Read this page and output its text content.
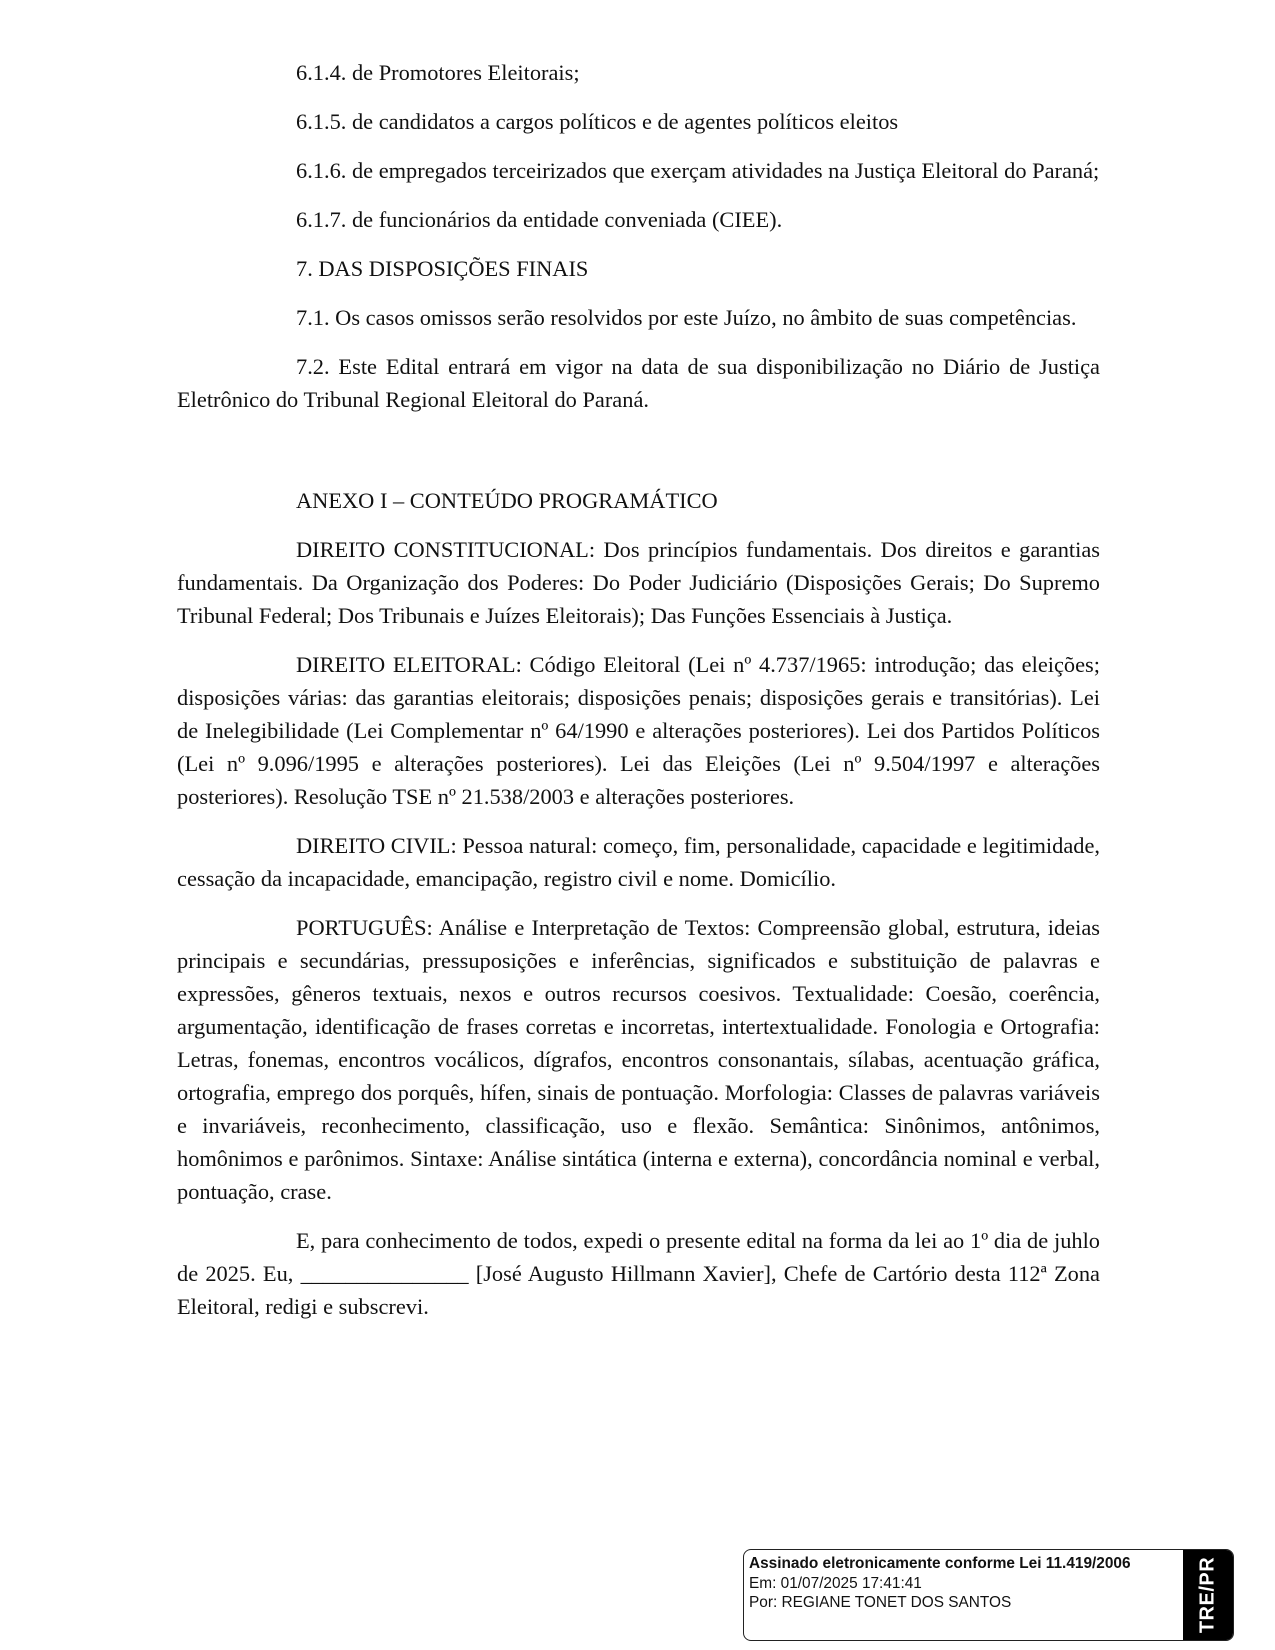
6.1.4. de Promotores Eleitorais;

6.1.5. de candidatos a cargos políticos e de agentes políticos eleitos

6.1.6. de empregados terceirizados que exerçam atividades na Justiça Eleitoral do Paraná;

6.1.7. de funcionários da entidade conveniada (CIEE).

7. DAS DISPOSIÇÕES FINAIS

7.1. Os casos omissos serão resolvidos por este Juízo, no âmbito de suas competências.

7.2. Este Edital entrará em vigor na data de sua disponibilização no Diário de Justiça Eletrônico do Tribunal Regional Eleitoral do Paraná.

ANEXO I – CONTEÚDO PROGRAMÁTICO

DIREITO CONSTITUCIONAL: Dos princípios fundamentais. Dos direitos e garantias fundamentais. Da Organização dos Poderes: Do Poder Judiciário (Disposições Gerais; Do Supremo Tribunal Federal; Dos Tribunais e Juízes Eleitorais); Das Funções Essenciais à Justiça.

DIREITO ELEITORAL: Código Eleitoral (Lei nº 4.737/1965: introdução; das eleições; disposições várias: das garantias eleitorais; disposições penais; disposições gerais e transitórias). Lei de Inelegibilidade (Lei Complementar nº 64/1990 e alterações posteriores). Lei dos Partidos Políticos (Lei nº 9.096/1995 e alterações posteriores). Lei das Eleições (Lei nº 9.504/1997 e alterações posteriores). Resolução TSE nº 21.538/2003 e alterações posteriores.

DIREITO CIVIL: Pessoa natural: começo, fim, personalidade, capacidade e legitimidade, cessação da incapacidade, emancipação, registro civil e nome. Domicílio.

PORTUGUÊS: Análise e Interpretação de Textos: Compreensão global, estrutura, ideias principais e secundárias, pressuposições e inferências, significados e substituição de palavras e expressões, gêneros textuais, nexos e outros recursos coesivos. Textualidade: Coesão, coerência, argumentação, identificação de frases corretas e incorretas, intertextualidade. Fonologia e Ortografia: Letras, fonemas, encontros vocálicos, dígrafos, encontros consonantais, sílabas, acentuação gráfica, ortografia, emprego dos porquês, hífen, sinais de pontuação. Morfologia: Classes de palavras variáveis e invariáveis, reconhecimento, classificação, uso e flexão. Semântica: Sinônimos, antônimos, homônimos e parônimos. Sintaxe: Análise sintática (interna e externa), concordância nominal e verbal, pontuação, crase.

E, para conhecimento de todos, expedi o presente edital na forma da lei ao 1º dia de juhlo de 2025. Eu, _______________ [José Augusto Hillmann Xavier], Chefe de Cartório desta 112ª Zona Eleitoral, redigi e subscrevi.

Assinado eletronicamente conforme Lei 11.419/2006
Em: 01/07/2025 17:41:41
Por: REGIANE TONET DOS SANTOS	TRE/PR
